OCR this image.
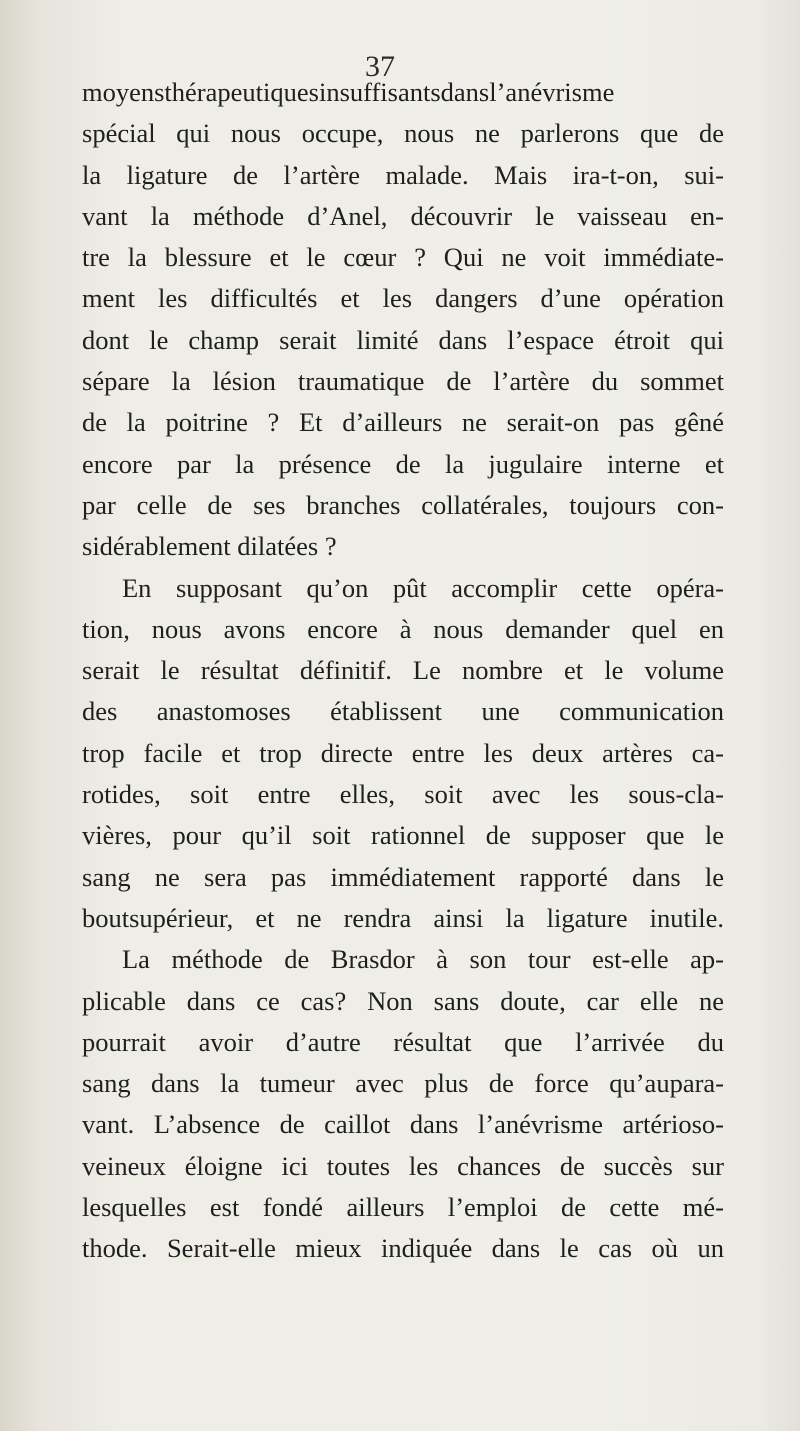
37
moyensthérapeutiquesinsuffisantsdansl’anévrisme
spécial qui nous occupe, nous ne parlerons que de
la ligature de l’artère malade. Mais ira-t-on, sui-
vant la méthode d’Anel, découvrir le vaisseau en-
tre la blessure et le cœur ? Qui ne voit immédiate-
ment les difficultés et les dangers d’une opération
dont le champ serait limité dans l’espace étroit qui
sépare la lésion traumatique de l’artère du sommet
de la poitrine ? Et d’ailleurs ne serait-on pas gêné
encore par la présence de la jugulaire interne et
par celle de ses branches collatérales, toujours con-
sidérablement dilatées ?
En supposant qu’on pût accomplir cette opéra-
tion, nous avons encore à nous demander quel en
serait le résultat définitif. Le nombre et le volume
des anastomoses établissent une communication
trop facile et trop directe entre les deux artères ca-
rotides, soit entre elles, soit avec les sous-cla-
vières, pour qu’il soit rationnel de supposer que le
sang ne sera pas immédiatement rapporté dans le
boutsupérieur, et ne rendra ainsi la ligature inutile.
La méthode de Brasdor à son tour est-elle ap-
plicable dans ce cas? Non sans doute, car elle ne
pourrait avoir d’autre résultat que l’arrivée du
sang dans la tumeur avec plus de force qu’aupara-
vant. L’absence de caillot dans l’anévrisme artérioso-
veineux éloigne ici toutes les chances de succès sur
lesquelles est fondé ailleurs l’emploi de cette mé-
thode. Serait-elle mieux indiquée dans le cas où un
